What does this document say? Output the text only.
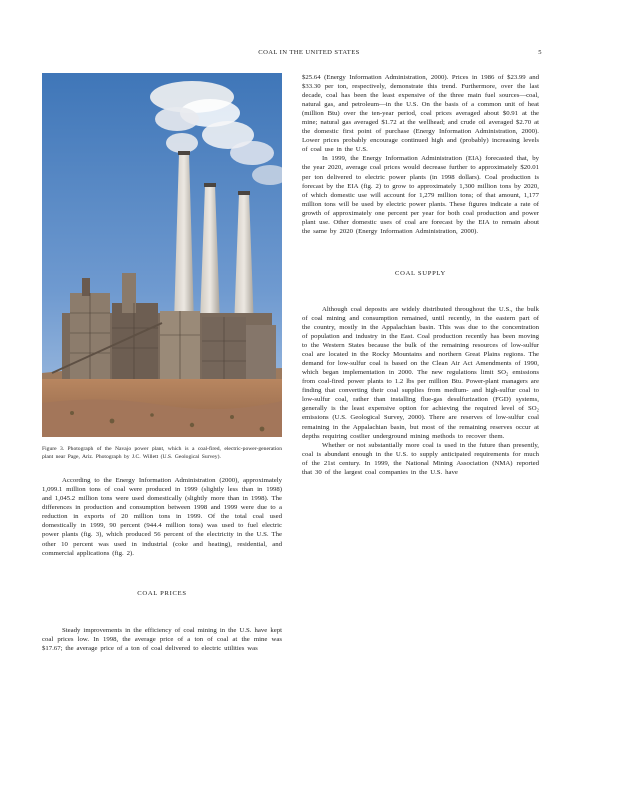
COAL IN THE UNITED STATES	5
Figure 3. Photograph of the Navajo power plant, which is a coal-fired, electric-power-generation plant near Page, Ariz. Photograph by J.C. Willett (U.S. Geological Survey).

According to the Energy Information Administration (2000), approximately 1,099.1 million tons of coal were produced in 1999 (slightly less than in 1998) and 1,045.2 million tons were used domestically (slightly more than in 1998). The differences in production and consumption between 1998 and 1999 were due to a reduction in exports of 20 million tons in 1999. Of the total coal used domestically in 1999, 90 percent (944.4 million tons) was used to fuel electric power plants (fig. 3), which produced 56 percent of the electricity in the U.S. The other 10 percent was used in industrial (coke and heating), residential, and commercial applications (fig. 2).

COAL PRICES

Steady improvements in the efficiency of coal mining in the U.S. have kept coal prices low. In 1998, the average price of a ton of coal at the mine was $17.67; the average price of a ton of coal delivered to electric utilities was

$25.64 (Energy Information Administration, 2000). Prices in 1986 of $23.99 and $33.30 per ton, respectively, demonstrate this trend. Furthermore, over the last decade, coal has been the least expensive of the three main fuel sources—coal, natural gas, and petroleum—in the U.S. On the basis of a common unit of heat (million Btu) over the ten-year period, coal prices averaged about $0.91 at the mine; natural gas averaged $1.72 at the wellhead; and crude oil averaged $2.70 at the domestic first point of purchase (Energy Information Administration, 2000). Lower prices probably encourage continued high and (probably) increasing levels of coal use in the U.S.

In 1999, the Energy Information Administration (EIA) forecasted that, by the year 2020, average coal prices would decrease further to approximately $20.01 per ton delivered to electric power plants (in 1998 dollars). Coal production is forecast by the EIA (fig. 2) to grow to approximately 1,300 million tons by 2020, of which domestic use will account for 1,279 million tons; of that amount, 1,177 million tons will be used by electric power plants. These figures indicate a rate of growth of approximately one percent per year for both coal production and power plant use. Other domestic uses of coal are forecast by the EIA to remain about the same by 2020 (Energy Information Administration, 2000).

COAL SUPPLY

Although coal deposits are widely distributed throughout the U.S., the bulk of coal mining and consumption remained, until recently, in the eastern part of the country, mostly in the Appalachian basin. This was due to the concentration of population and industry in the East. Coal production recently has been moving to the Western States because the bulk of the remaining resources of low-sulfur coal are located in the Rocky Mountains and northern Great Plains regions. The demand for low-sulfur coal is based on the Clean Air Act Amendments of 1990, which began implementation in 2000. The new regulations limit SO₂ emissions from coal-fired power plants to 1.2 lbs per million Btu. Power-plant managers are finding that converting their coal supplies from medium- and high-sulfur coal to low-sulfur coal, rather than installing flue-gas desulfurization (FGD) systems, generally is the least expensive option for achieving the required level of SO₂ emissions (U.S. Geological Survey, 2000). There are reserves of low-sulfur coal remaining in the Appalachian basin, but most of the remaining reserves occur at depths requiring costlier underground mining methods to recover them.

Whether or not substantially more coal is used in the future than presently, coal is abundant enough in the U.S. to supply anticipated requirements for much of the 21st century. In 1999, the National Mining Association (NMA) reported that 30 of the largest coal companies in the U.S. have
